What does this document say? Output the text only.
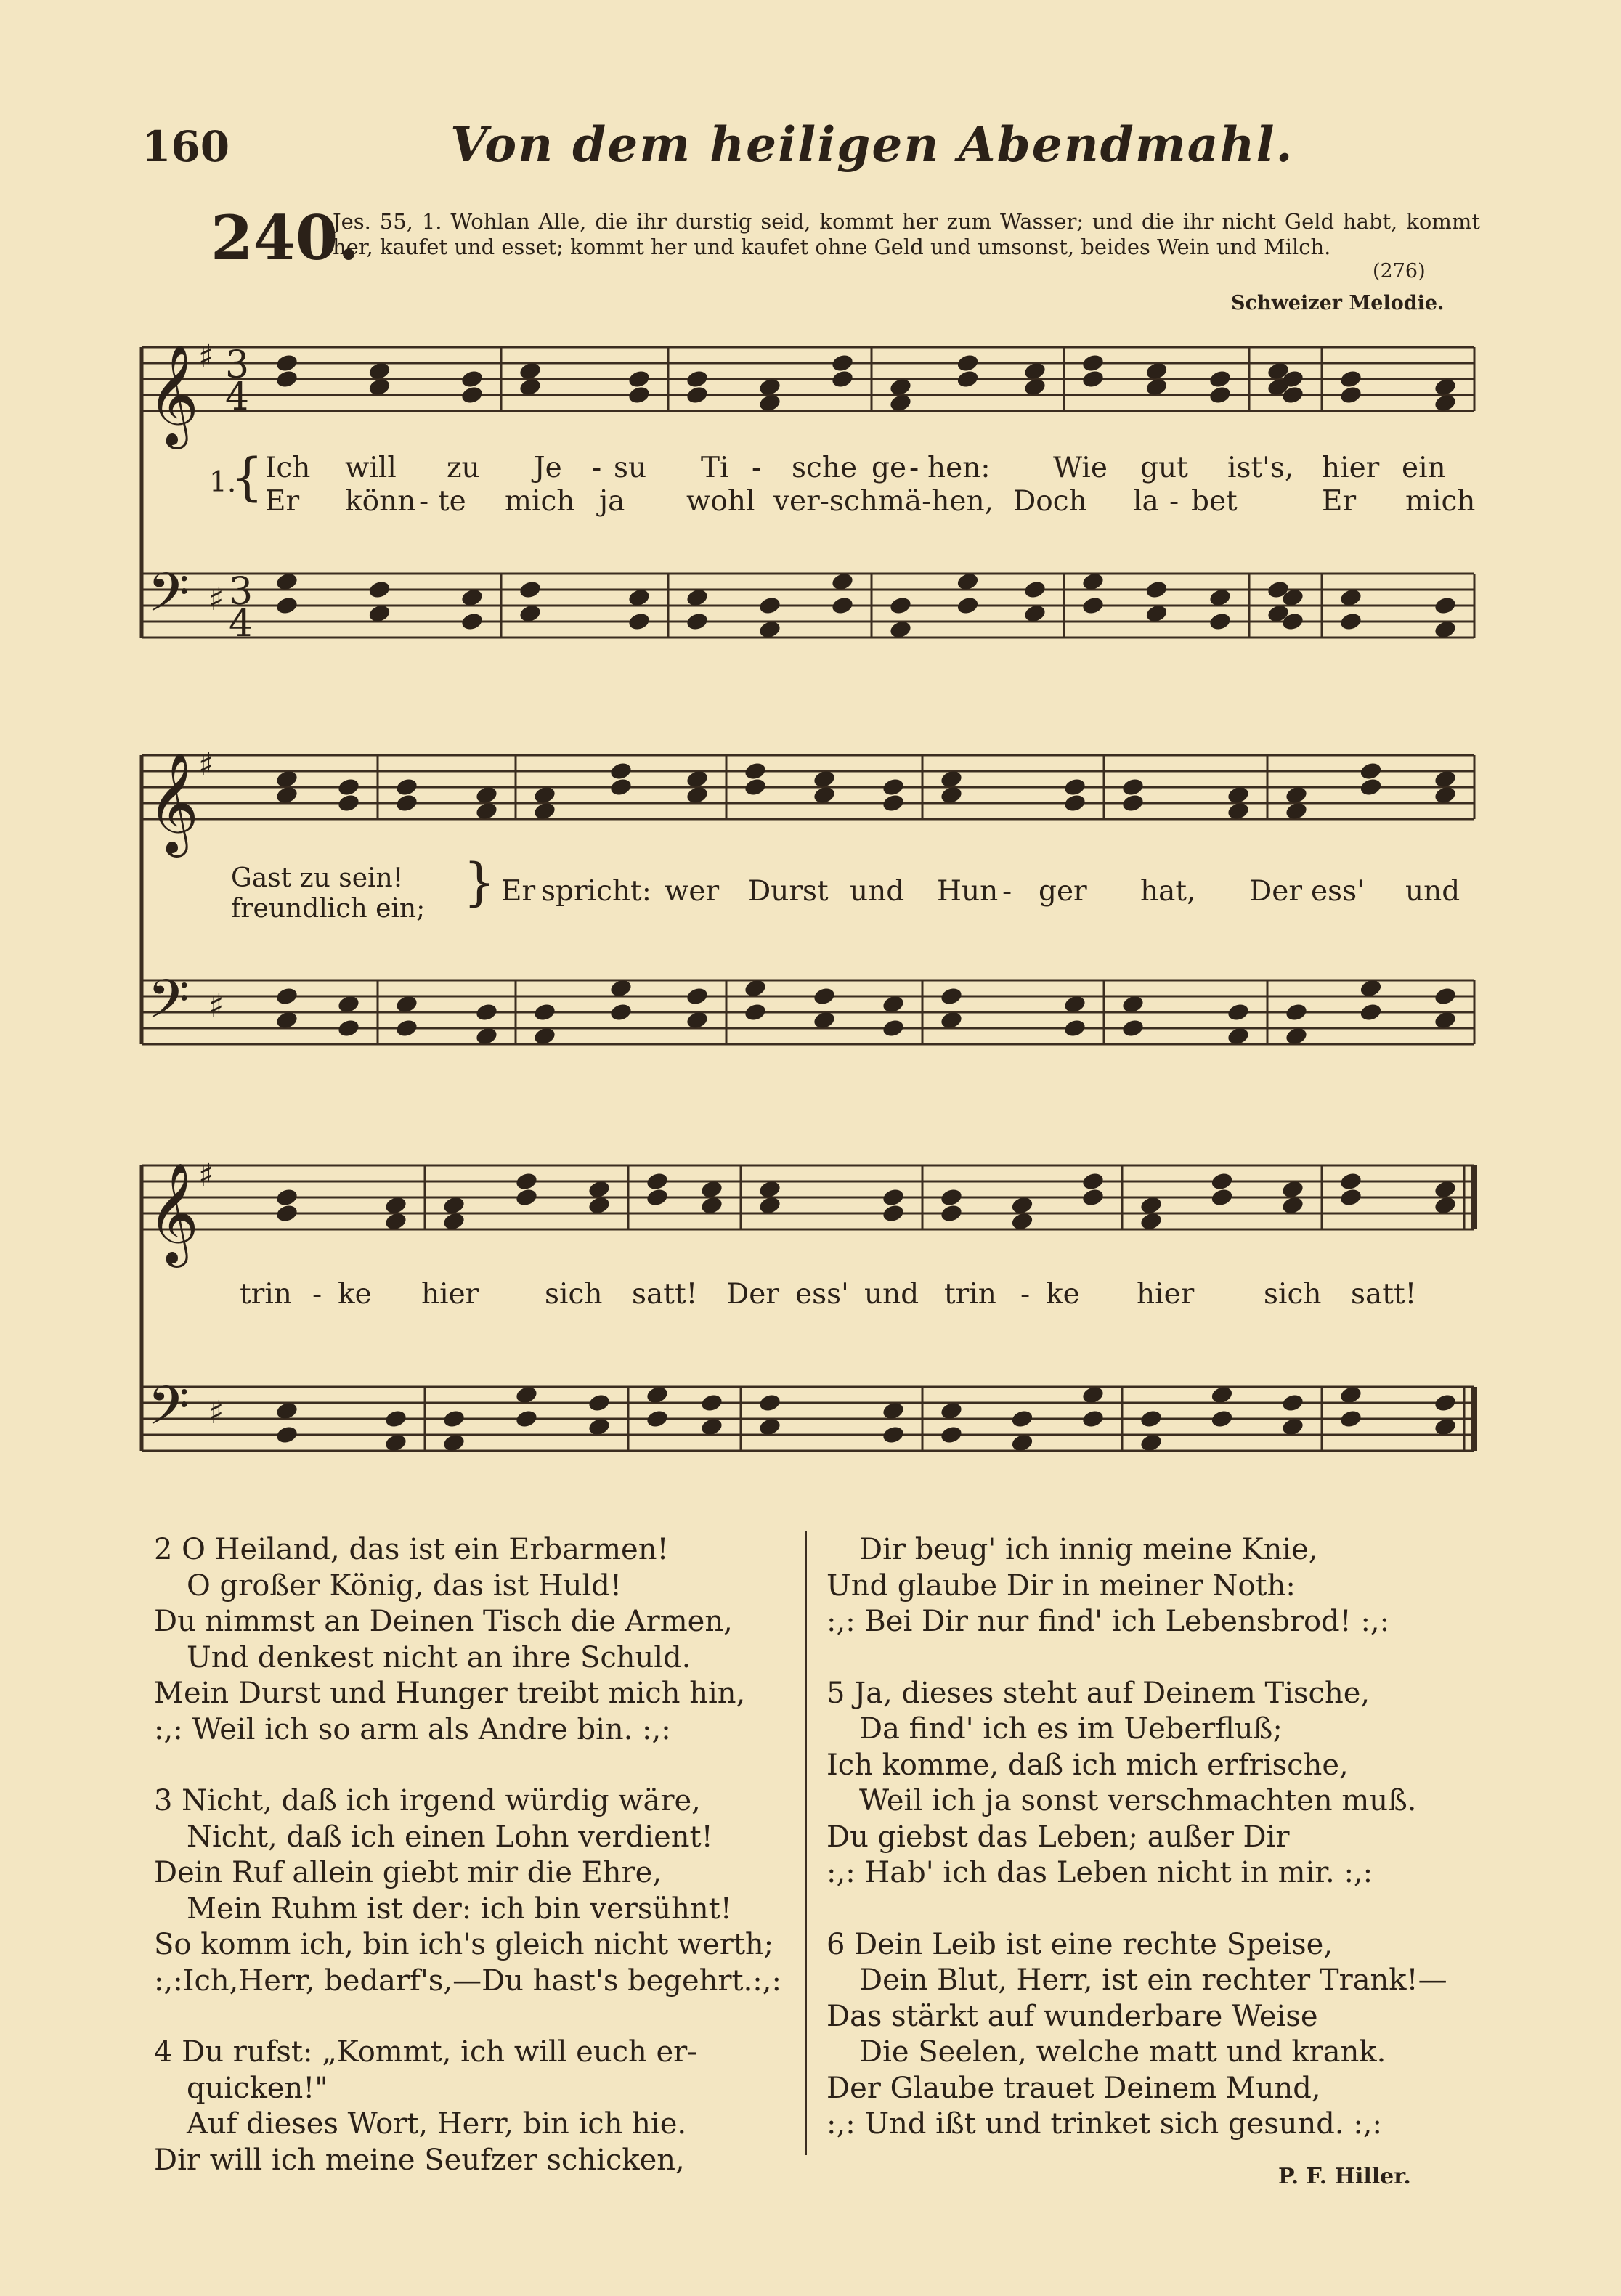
160	Von dem heiligen Abendmahl.
240.
Jes. 55, 1. Wohlan Alle, die ihr durstig seid, kommt her zum Wasser; und die ihr nicht Geld habt, kommt her, kaufet und esset; kommt her und kaufet ohne Geld und umsonst, beides Wein und Milch.
(276)
Schweizer Melodie.
𝄞
𝄢
♯
♯
3
4
3
4
𝄞
𝄢
♯
♯
𝄞
𝄢
♯
♯
1.
{ Ich will zu Je - su Ti - sche ge - hen: Wie gut ist's, hier ein
Er könn - te mich ja wohl ver-schmä-hen, Doch la - bet	Er mich
Gast zu sein!
freundlich ein; } Er spricht: wer Durst und Hun - ger hat, Der ess' und
trin - ke hier sich satt! Der ess' und trin - ke hier sich satt!
2 O Heiland, das ist ein Erbarmen!
O großer König, das ist Huld!
Du nimmst an Deinen Tisch die Armen,
Und denkest nicht an ihre Schuld.
Mein Durst und Hunger treibt mich hin,
:,: Weil ich so arm als Andre bin. :,:
3 Nicht, daß ich irgend würdig wäre,
Nicht, daß ich einen Lohn verdient!
Dein Ruf allein giebt mir die Ehre,
Mein Ruhm ist der: ich bin versühnt!
So komm ich, bin ich's gleich nicht werth;
:,:Ich,Herr, bedarf's,—Du hast's begehrt.:,:
4 Du rufst: „Kommt, ich will euch er-
quicken!"
Auf dieses Wort, Herr, bin ich hie.
Dir will ich meine Seufzer schicken,
Dir beug' ich innig meine Knie,
Und glaube Dir in meiner Noth:
:,: Bei Dir nur find' ich Lebensbrod! :,:
5 Ja, dieses steht auf Deinem Tische,
Da find' ich es im Ueberfluß;
Ich komme, daß ich mich erfrische,
Weil ich ja sonst verschmachten muß.
Du giebst das Leben; außer Dir
:,: Hab' ich das Leben nicht in mir. :,:
6 Dein Leib ist eine rechte Speise,
Dein Blut, Herr, ist ein rechter Trank!—
Das stärkt auf wunderbare Weise
Die Seelen, welche matt und krank.
Der Glaube trauet Deinem Mund,
:,: Und ißt und trinket sich gesund. :,:
P. F. Hiller.
